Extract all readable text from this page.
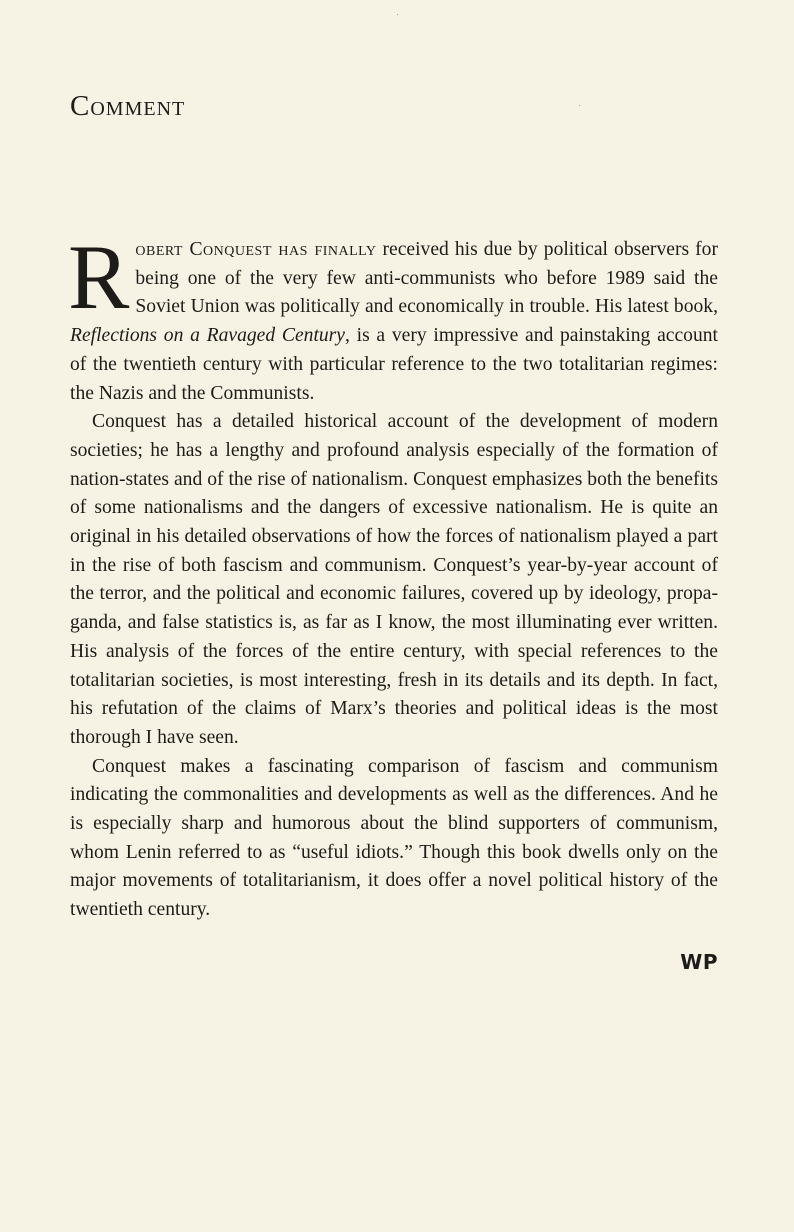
Comment

Robert Conquest has finally received his due by political observers for being one of the very few anti-communists who before 1989 said the Soviet Union was politically and economically in trouble. His latest book, Reflections on a Ravaged Century, is a very impressive and painstaking account of the twentieth century with particular reference to the two totalitarian regimes: the Nazis and the Communists.

Conquest has a detailed historical account of the development of modern societies; he has a lengthy and profound analysis especially of the formation of nation-states and of the rise of nationalism. Conquest emphasizes both the benefits of some nationalisms and the dangers of excessive nationalism. He is quite an original in his detailed observations of how the forces of nationalism played a part in the rise of both fascism and communism. Conquest’s year-by-year account of the terror, and the political and economic failures, covered up by ideology, propaganda, and false statistics is, as far as I know, the most illuminating ever written. His analysis of the forces of the entire century, with special references to the totalitarian societies, is most interesting, fresh in its details and its depth. In fact, his refutation of the claims of Marx’s theories and political ideas is the most thorough I have seen.

Conquest makes a fascinating comparison of fascism and communism indicating the commonalities and developments as well as the differences. And he is especially sharp and humorous about the blind supporters of communism, whom Lenin referred to as “useful idiots.” Though this book dwells only on the major movements of totalitarianism, it does offer a novel political history of the twentieth century.

WP
